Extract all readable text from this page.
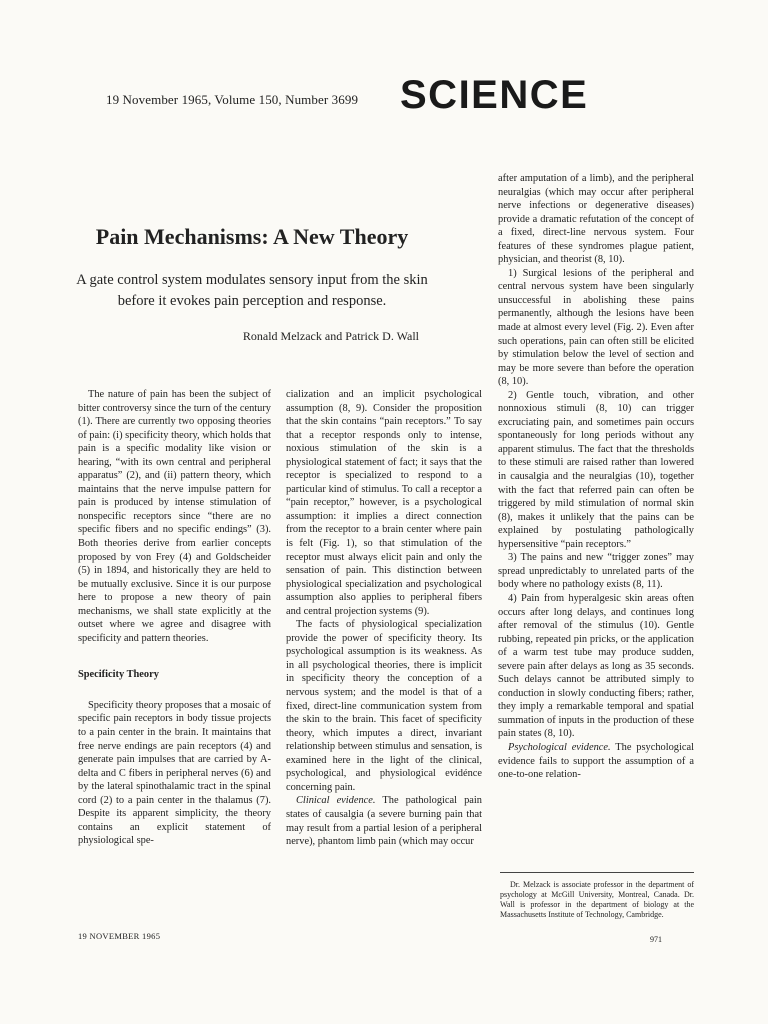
19 November 1965, Volume 150, Number 3699 SCIENCE
Pain Mechanisms: A New Theory
A gate control system modulates sensory input from the skin before it evokes pain perception and response.
Ronald Melzack and Patrick D. Wall

The nature of pain has been the subject of bitter controversy since the turn of the century (1). There are currently two opposing theories of pain: (i) specificity theory, which holds that pain is a specific modality like vision or hearing, “with its own central and peripheral apparatus” (2), and (ii) pattern theory, which maintains that the nerve impulse pattern for pain is produced by intense stimulation of nonspecific receptors since “there are no specific fibers and no specific endings” (3). Both theories derive from earlier concepts proposed by von Frey (4) and Goldscheider (5) in 1894, and historically they are held to be mutually exclusive. Since it is our purpose here to propose a new theory of pain mechanisms, we shall state explicitly at the outset where we agree and disagree with specificity and pattern theories.

Specificity Theory

Specificity theory proposes that a mosaic of specific pain receptors in body tissue projects to a pain center in the brain. It maintains that free nerve endings are pain receptors (4) and generate pain impulses that are carried by A-delta and C fibers in peripheral nerves (6) and by the lateral spinothalamic tract in the spinal cord (2) to a pain center in the thalamus (7). Despite its apparent simplicity, the theory contains an explicit statement of physiological spe-

cialization and an implicit psychological assumption (8, 9). Consider the proposition that the skin contains “pain receptors.” To say that a receptor responds only to intense, noxious stimulation of the skin is a physiological statement of fact; it says that the receptor is specialized to respond to a particular kind of stimulus. To call a receptor a “pain receptor,” however, is a psychological assumption: it implies a direct connection from the receptor to a brain center where pain is felt (Fig. 1), so that stimulation of the receptor must always elicit pain and only the sensation of pain. This distinction between physiological specialization and psychological assumption also applies to peripheral fibers and central projection systems (9).

The facts of physiological specialization provide the power of specificity theory. Its psychological assumption is its weakness. As in all psychological theories, there is implicit in specificity theory the conception of a nervous system; and the model is that of a fixed, direct-line communication system from the skin to the brain. This facet of specificity theory, which imputes a direct, invariant relationship between stimulus and sensation, is examined here in the light of the clinical, psychological, and physiological evidénce concerning pain.

Clinical evidence. The pathological pain states of causalgia (a severe burning pain that may result from a partial lesion of a peripheral nerve), phantom limb pain (which may occur

after amputation of a limb), and the peripheral neuralgias (which may occur after peripheral nerve infections or degenerative diseases) provide a dramatic refutation of the concept of a fixed, direct-line nervous system. Four features of these syndromes plague patient, physician, and theorist (8, 10).

1) Surgical lesions of the peripheral and central nervous system have been singularly unsuccessful in abolishing these pains permanently, although the lesions have been made at almost every level (Fig. 2). Even after such operations, pain can often still be elicited by stimulation below the level of section and may be more severe than before the operation (8, 10).

2) Gentle touch, vibration, and other nonnoxious stimuli (8, 10) can trigger excruciating pain, and sometimes pain occurs spontaneously for long periods without any apparent stimulus. The fact that the thresholds to these stimuli are raised rather than lowered in causalgia and the neuralgias (10), together with the fact that referred pain can often be triggered by mild stimulation of normal skin (8), makes it unlikely that the pains can be explained by postulating pathologically hypersensitive “pain receptors.”

3) The pains and new “trigger zones” may spread unpredictably to unrelated parts of the body where no pathology exists (8, 11).

4) Pain from hyperalgesic skin areas often occurs after long delays, and continues long after removal of the stimulus (10). Gentle rubbing, repeated pin pricks, or the application of a warm test tube may produce sudden, severe pain after delays as long as 35 seconds. Such delays cannot be attributed simply to conduction in slowly conducting fibers; rather, they imply a remarkable temporal and spatial summation of inputs in the production of these pain states (8, 10).

Psychological evidence. The psychological evidence fails to support the assumption of a one-to-one relation-

Dr. Melzack is associate professor in the department of psychology at McGill University, Montreal, Canada. Dr. Wall is professor in the department of biology at the Massachusetts Institute of Technology, Cambridge.
19 NOVEMBER 1965	971
